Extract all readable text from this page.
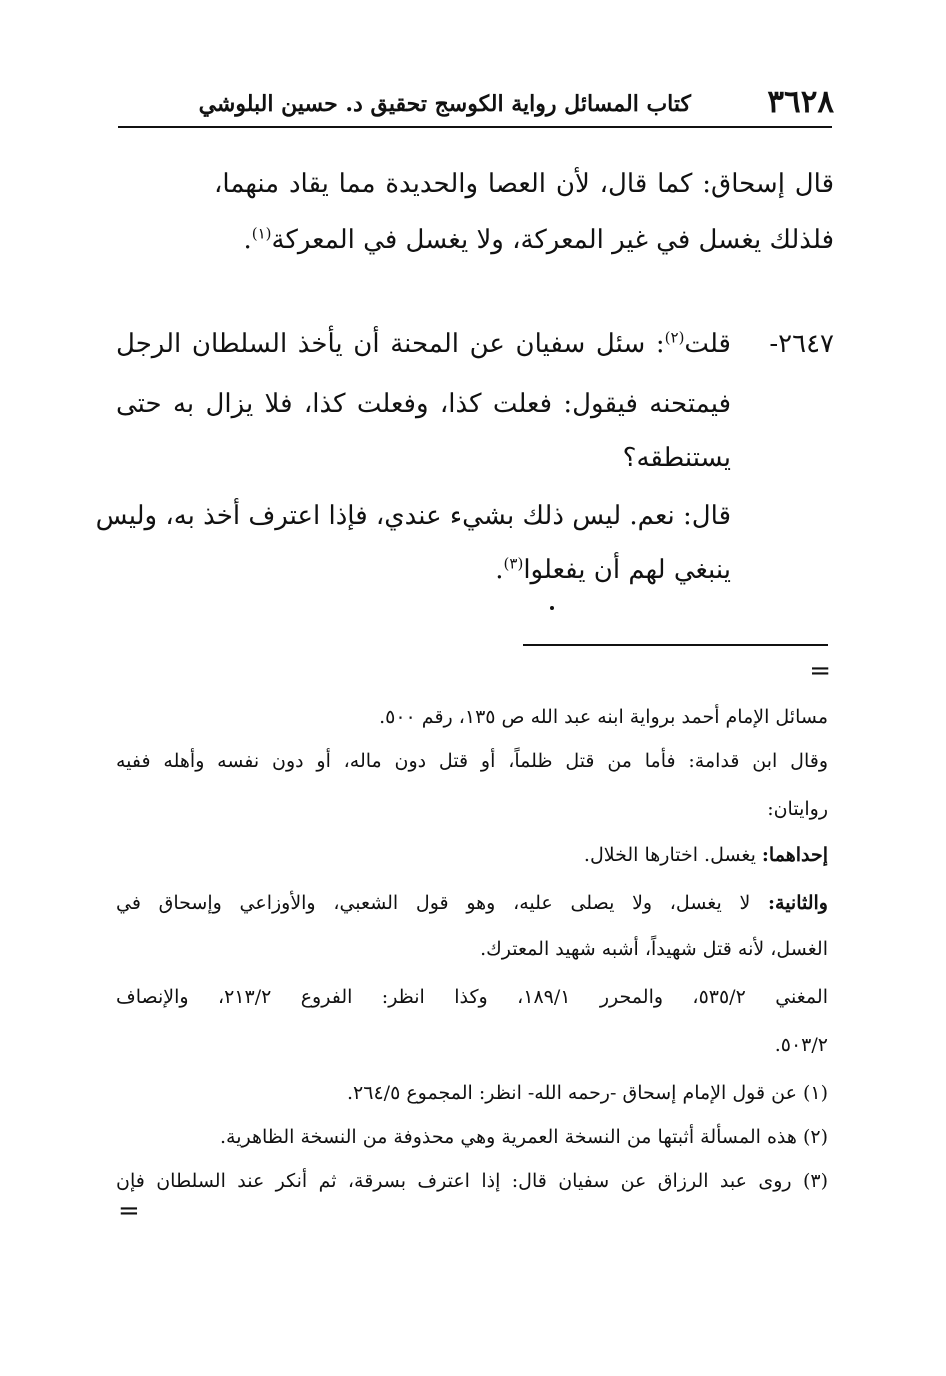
٣٦٢٨
كتاب المسائل رواية الكوسج تحقيق د. حسين البلوشي
قال إسحاق: كما قال، لأن العصا والحديدة مما يقاد منهما،
فلذلك يغسل في غير المعركة، ولا يغسل في المعركة$^{(١)}$.
٢٦٤٧-
قلت$^{(٢)}$: سئل سفيان عن المحنة أن يأخذ السلطان الرجل
فيمتحنه فيقول: فعلت كذا، وفعلت كذا، فلا يزال به حتى
يستنطقه؟
قال: نعم. ليس ذلك بشيء عندي، فإذا اعترف أخذ به، وليس
ينبغي لهم أن يفعلوا$^{(٣)}$.
=
مسائل الإمام أحمد برواية ابنه عبد الله ص ١٣٥، رقم ٥٠٠.
وقال ابن قدامة: فأما من قتل ظلماً، أو قتل دون ماله، أو دون نفسه وأهله ففيه
روايتان:
إحداهما: يغسل. اختارها الخلال.
والثانية: لا يغسل، ولا يصلى عليه، وهو قول الشعبي، والأوزاعي وإسحاق في
الغسل، لأنه قتل شهيداً، أشبه شهيد المعترك.
المغني ٥٣٥/٢، والمحرر ١٨٩/١، وكذا انظر: الفروع ٢١٣/٢، والإنصاف
٥٠٣/٢.
(١) عن قول الإمام إسحاق -رحمه الله- انظر: المجموع ٢٦٤/٥.
(٢) هذه المسألة أثبتها من النسخة العمرية وهي محذوفة من النسخة الظاهرية.
(٣) روى عبد الرزاق عن سفيان قال: إذا اعترف بسرقة، ثم أنكر عند السلطان فإن
=
